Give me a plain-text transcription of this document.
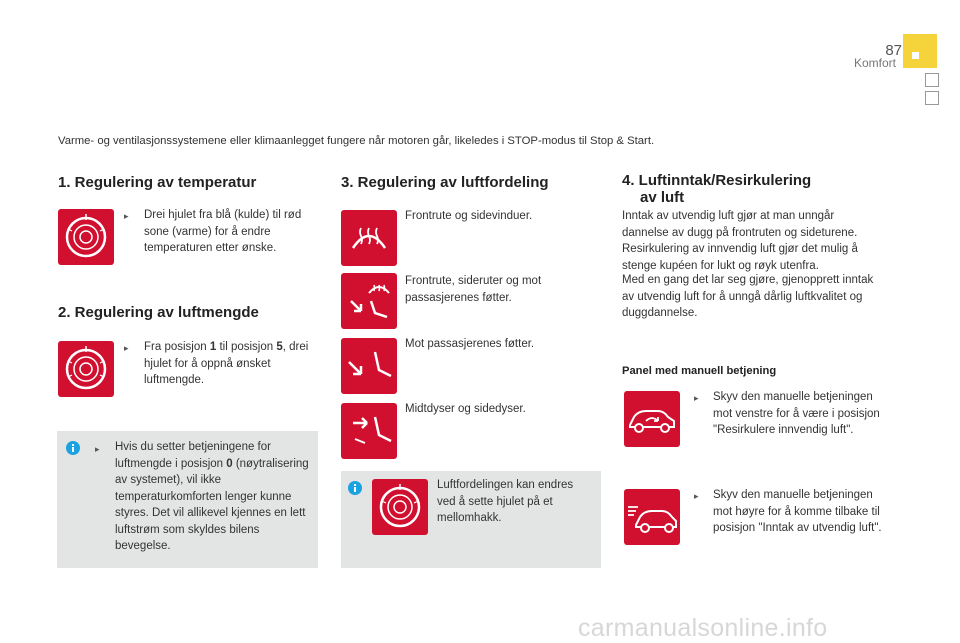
87
Komfort
Varme- og ventilasjonssystemene eller klimaanlegget fungere når motoren går, likeledes i STOP-modus til Stop & Start.
1. Regulering av temperatur
▸ Drei hjulet fra blå (kulde) til rød sone (varme) for å endre temperaturen etter ønske.
2. Regulering av luftmengde
▸ Fra posisjon 1 til posisjon 5, drei hjulet for å oppnå ønsket luftmengde.
▸ Hvis du setter betjeningene for luftmengde i posisjon 0 (nøytralisering av systemet), vil ikke temperaturkomforten lenger kunne styres. Det vil allikevel kjennes en lett luftstrøm som skyldes bilens bevegelse.
3. Regulering av luftfordeling
Frontrute og sidevinduer.
Frontrute, sideruter og mot passasjerenes føtter.
Mot passasjerenes føtter.
Midtdyser og sidedyser.
Luftfordelingen kan endres ved å sette hjulet på et mellomhakk.
4. Luftinntak/Resirkulering
av luft
Inntak av utvendig luft gjør at man unngår dannelse av dugg på frontruten og sideturene. Resirkulering av innvendig luft gjør det mulig å stenge kupéen for lukt og røyk utenfra.
Med en gang det lar seg gjøre, gjenopprett inntak av utvendig luft for å unngå dårlig luftkvalitet og duggdannelse.
Panel med manuell betjening
▸ Skyv den manuelle betjeningen mot venstre for å være i posisjon "Resirkulere innvendig luft".
▸ Skyv den manuelle betjeningen mot høyre for å komme tilbake til posisjon "Inntak av utvendig luft".
carmanualsonline.info
